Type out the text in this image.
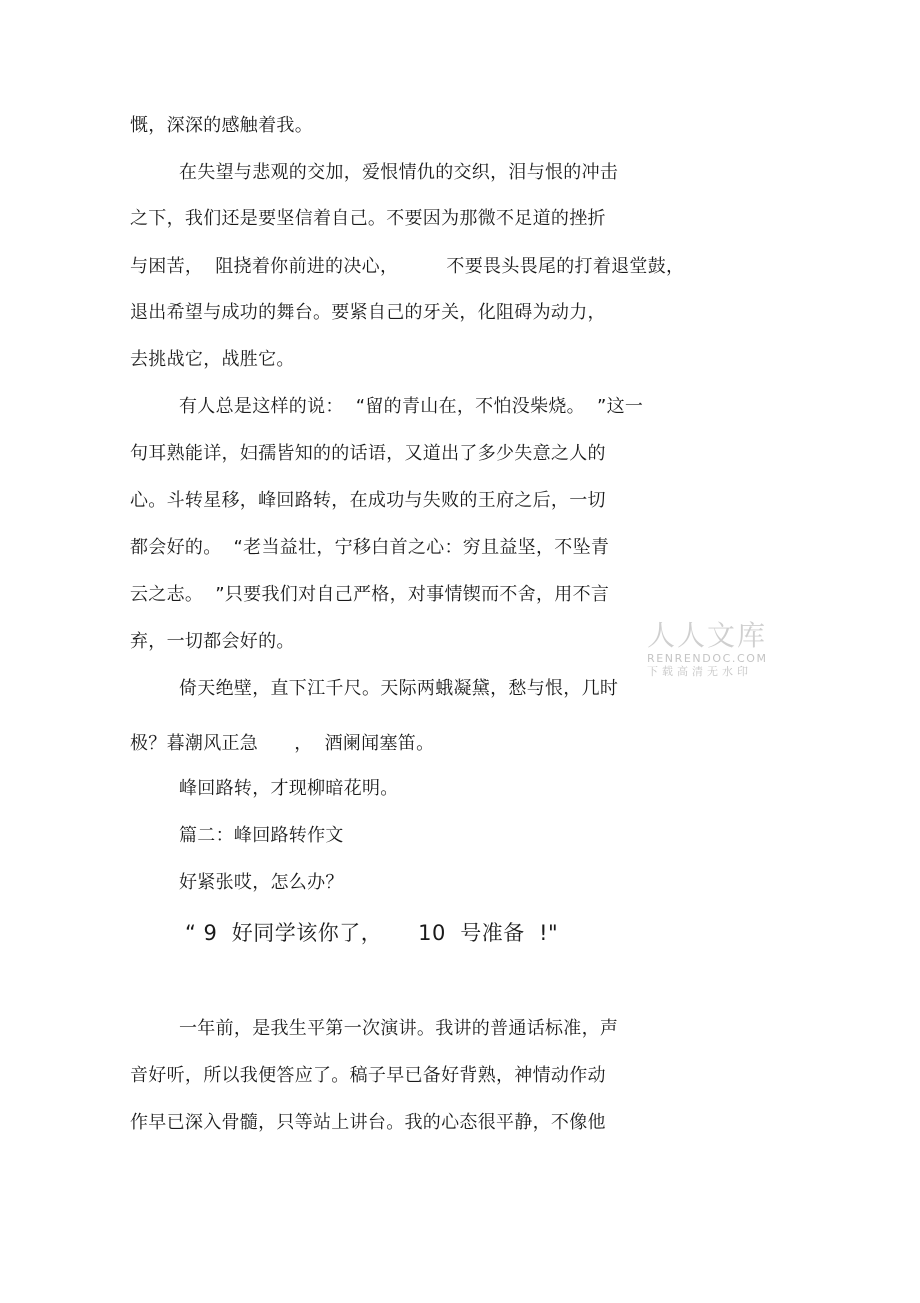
慨，深深的感触着我。
在失望与悲观的交加，爱恨情仇的交织，泪与恨的冲击
之下，我们还是要坚信着自己。不要因为那微不足道的挫折
与困苦，  阻挠着你前进的决心，        不要畏头畏尾的打着退堂鼓，
退出希望与成功的舞台。要紧自己的牙关，化阻碍为动力，
去挑战它，战胜它。
有人总是这样的说：  “留的青山在，不怕没柴烧。  ”这一
句耳熟能详，妇孺皆知的的话语，又道出了多少失意之人的
心。斗转星移，峰回路转，在成功与失败的王府之后，一切
都会好的。  “老当益壮，宁移白首之心：穷且益坚，不坠青
云之志。  ”只要我们对自己严格，对事情锲而不舍，用不言
弃，一切都会好的。
倚天绝壁，直下江千尺。天际两蛾凝黛，愁与恨，几时
极？暮潮风正急      ，  酒阑闻塞笛。
峰回路转，才现柳暗花明。
篇二：峰回路转作文
好紧张哎，怎么办？
“ 9  好同学该你了，     10  号准备  !"
一年前，是我生平第一次演讲。我讲的普通话标准，声
音好听，所以我便答应了。稿子早已备好背熟，神情动作动
作早已深入骨髓，只等站上讲台。我的心态很平静，不像他
人人文库
RENRENDOC.COM
下载高清无水印
